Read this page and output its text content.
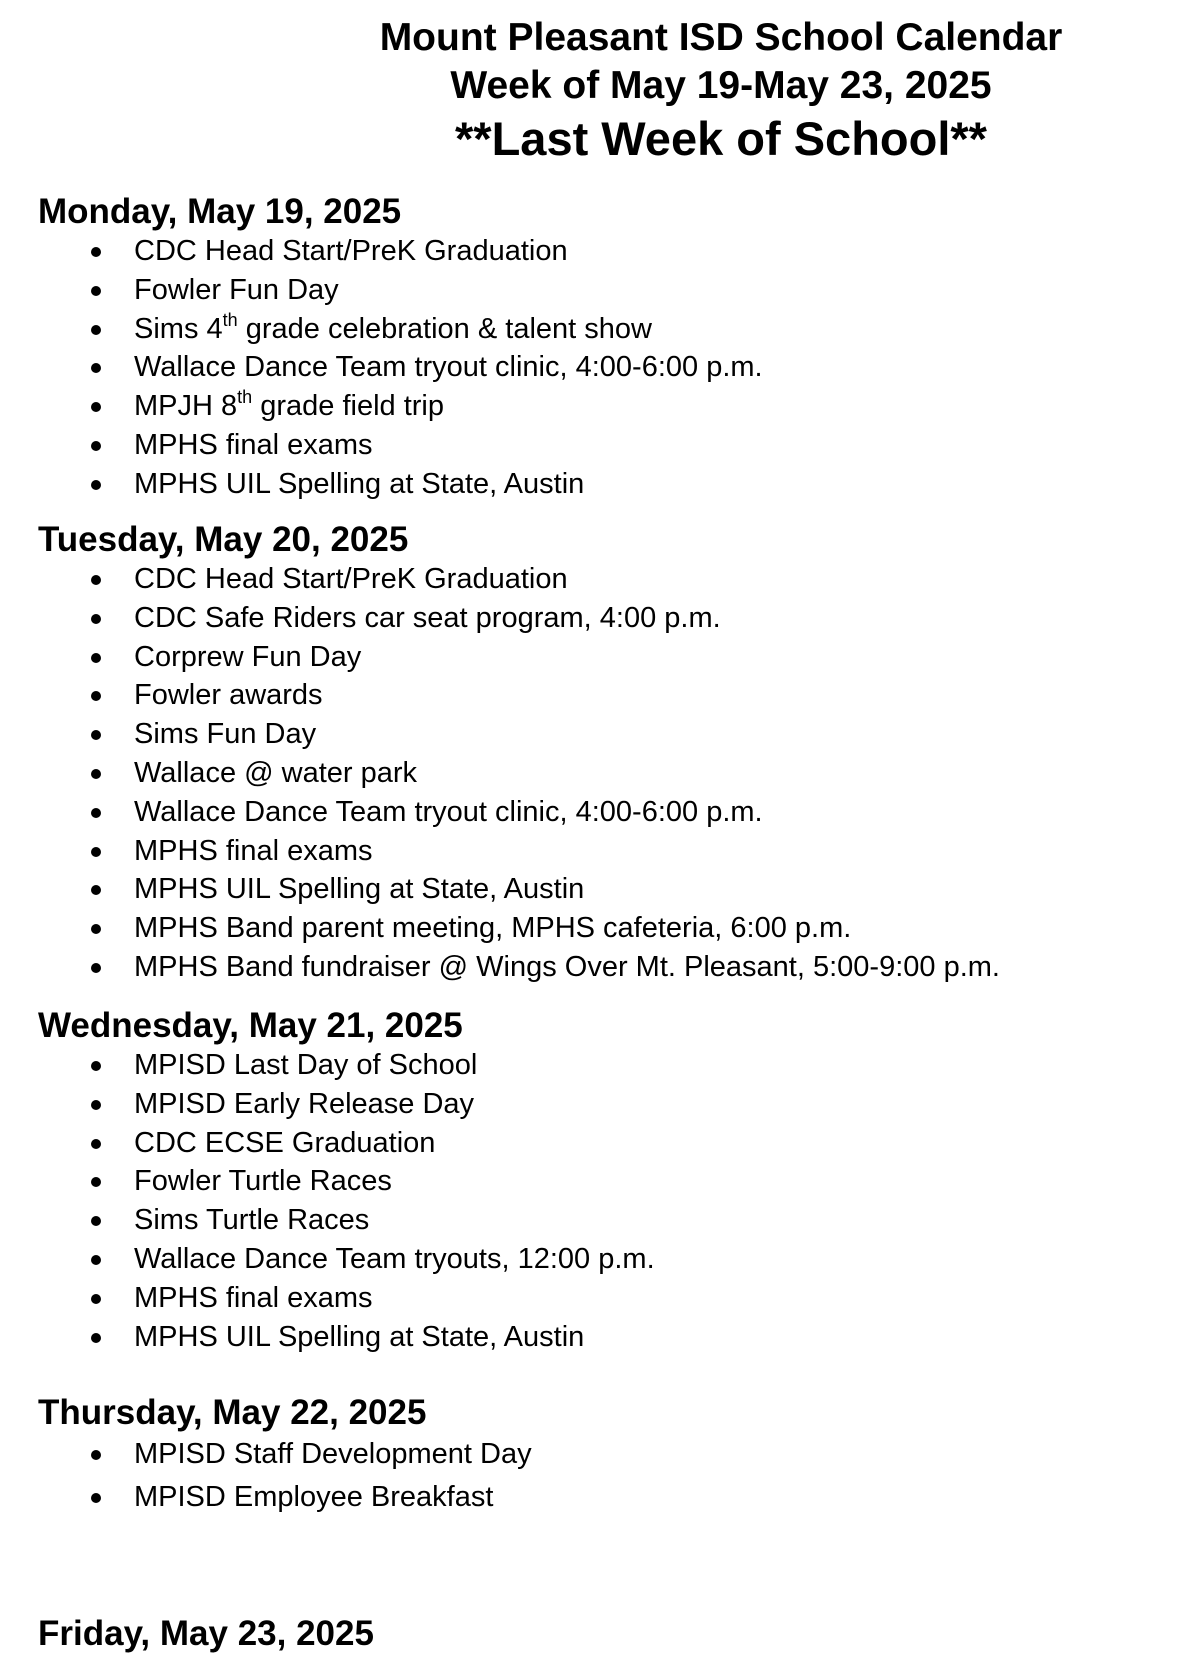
Mount Pleasant ISD School Calendar
Week of May 19-May 23, 2025
**Last Week of School**
Monday, May 19, 2025
CDC Head Start/PreK Graduation
Fowler Fun Day
Sims 4th grade celebration & talent show
Wallace Dance Team tryout clinic, 4:00-6:00 p.m.
MPJH 8th grade field trip
MPHS final exams
MPHS UIL Spelling at State, Austin
Tuesday, May 20, 2025
CDC Head Start/PreK Graduation
CDC Safe Riders car seat program, 4:00 p.m.
Corprew Fun Day
Fowler awards
Sims Fun Day
Wallace @ water park
Wallace Dance Team tryout clinic, 4:00-6:00 p.m.
MPHS final exams
MPHS UIL Spelling at State, Austin
MPHS Band parent meeting, MPHS cafeteria, 6:00 p.m.
MPHS Band fundraiser @ Wings Over Mt. Pleasant, 5:00-9:00 p.m.
Wednesday, May 21, 2025
MPISD Last Day of School
MPISD Early Release Day
CDC ECSE Graduation
Fowler Turtle Races
Sims Turtle Races
Wallace Dance Team tryouts, 12:00 p.m.
MPHS final exams
MPHS UIL Spelling at State, Austin
Thursday, May 22, 2025
MPISD Staff Development Day
MPISD Employee Breakfast
Friday, May 23, 2025
